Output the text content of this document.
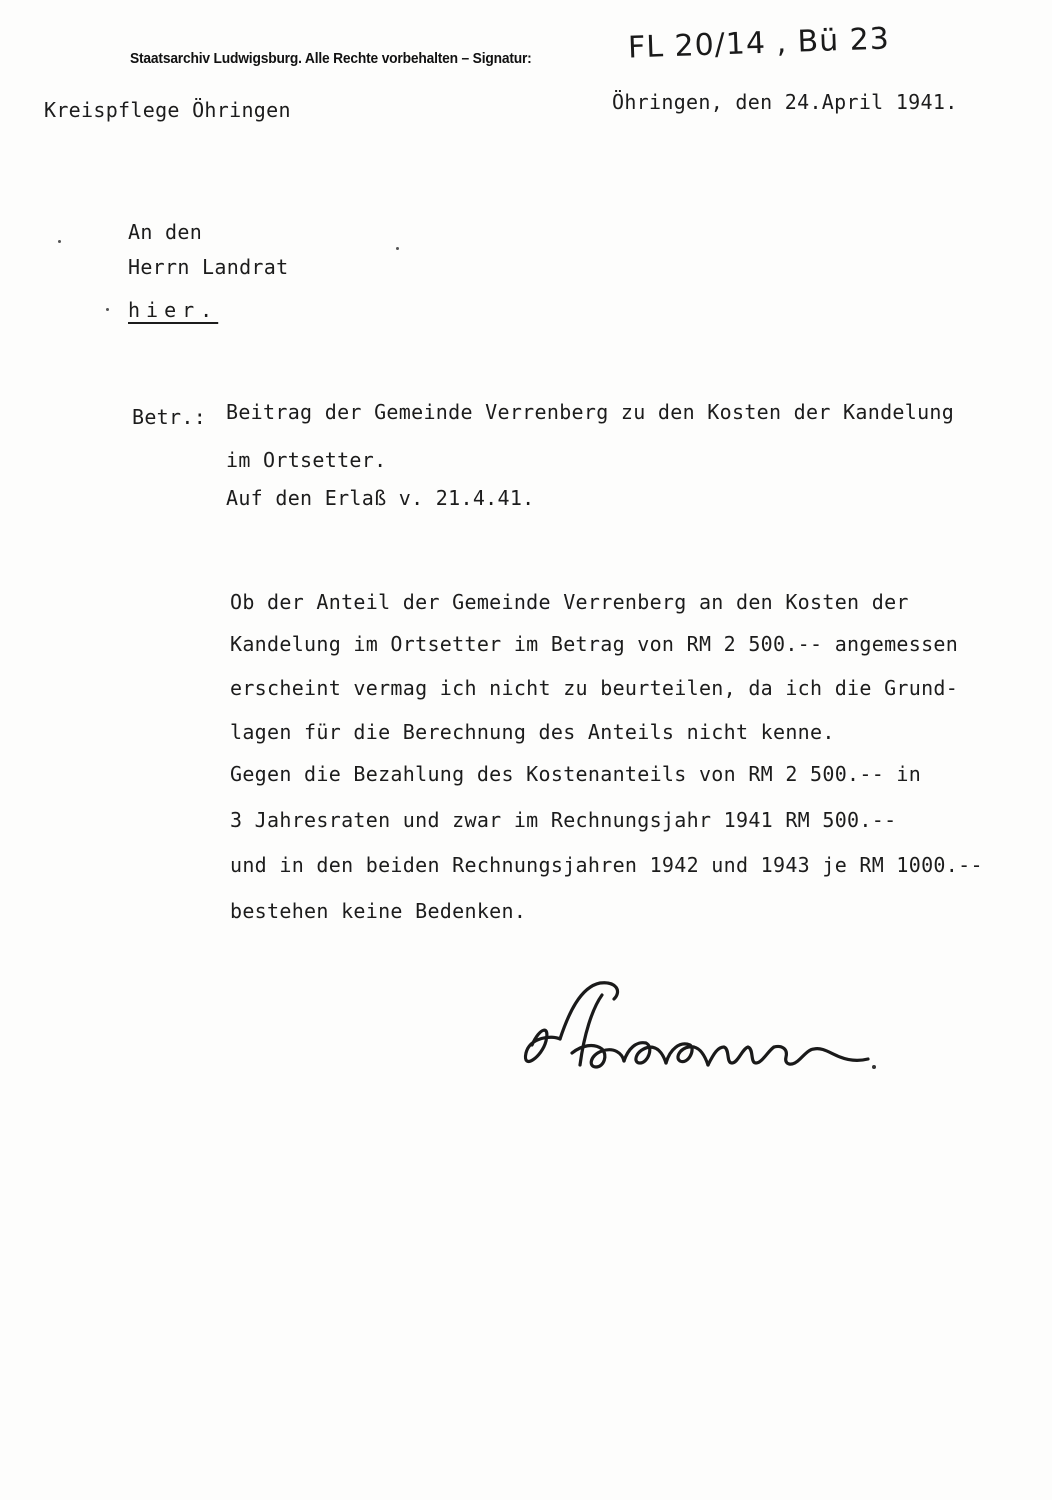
Staatsarchiv Ludwigsburg. Alle Rechte vorbehalten – Signatur:	FL 20/14 , Bü 23
Kreispflege Öhringen	Öhringen, den 24.April 1941.
An den
Herrn Landrat
hier.
Betr.: Beitrag der Gemeinde Verrenberg zu den Kosten der Kandelung
im Ortsetter.
Auf den Erlaß v. 21.4.41.
Ob der Anteil der Gemeinde Verrenberg an den Kosten der
Kandelung im Ortsetter im Betrag von RM 2 500.-- angemessen
erscheint vermag ich nicht zu beurteilen, da ich die Grund-
lagen für die Berechnung des Anteils nicht kenne.
Gegen die Bezahlung des Kostenanteils von RM 2 500.-- in
3 Jahresraten und zwar im Rechnungsjahr 1941 RM 500.--
und in den beiden Rechnungsjahren 1942 und 1943 je RM 1000.--
bestehen keine Bedenken.
